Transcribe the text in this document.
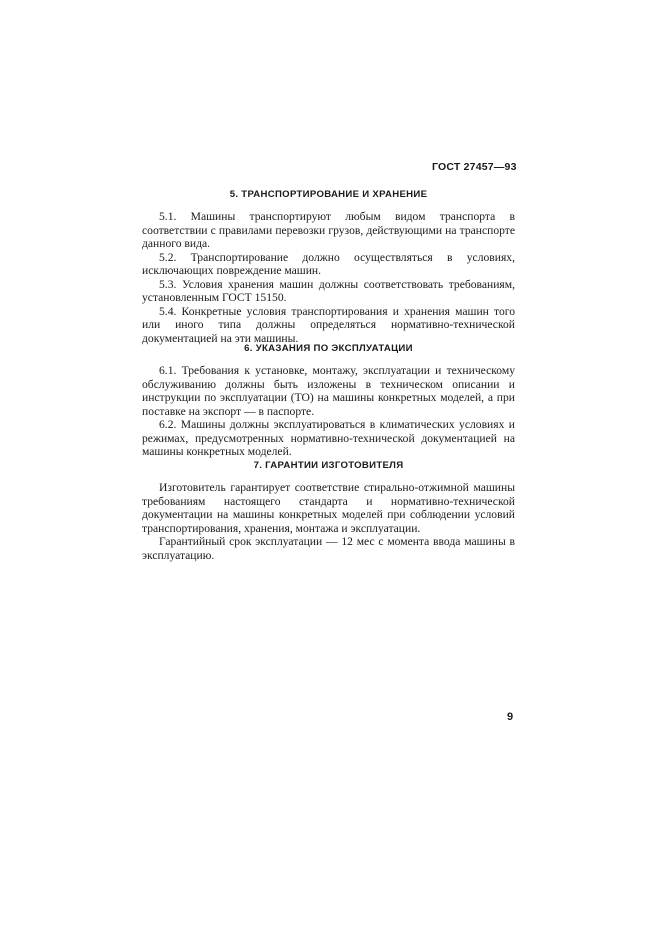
ГОСТ 27457—93
5. ТРАНСПОРТИРОВАНИЕ И ХРАНЕНИЕ

5.1. Машины транспортируют любым видом транспорта в соответствии с правилами перевозки грузов, действующими на транспорте данного вида.

5.2. Транспортирование должно осуществляться в условиях, исключающих повреждение машин.

5.3. Условия хранения машин должны соответствовать требованиям, установленным ГОСТ 15150.

5.4. Конкретные условия транспортирования и хранения машин того или иного типа должны определяться нормативно-технической документацией на эти машины.

6. УКАЗАНИЯ ПО ЭКСПЛУАТАЦИИ

6.1. Требования к установке, монтажу, эксплуатации и техническому обслуживанию должны быть изложены в техническом описании и инструкции по эксплуатации (ТО) на машины конкретных моделей, а при поставке на экспорт — в паспорте.

6.2. Машины должны эксплуатироваться в климатических условиях и режимах, предусмотренных нормативно-технической документацией на машины конкретных моделей.

7. ГАРАНТИИ ИЗГОТОВИТЕЛЯ

Изготовитель гарантирует соответствие стирально-отжимной машины требованиям настоящего стандарта и нормативно-технической документации на машины конкретных моделей при соблюдении условий транспортирования, хранения, монтажа и эксплуатации.

Гарантийный срок эксплуатации — 12 мес с момента ввода машины в эксплуатацию.

9
